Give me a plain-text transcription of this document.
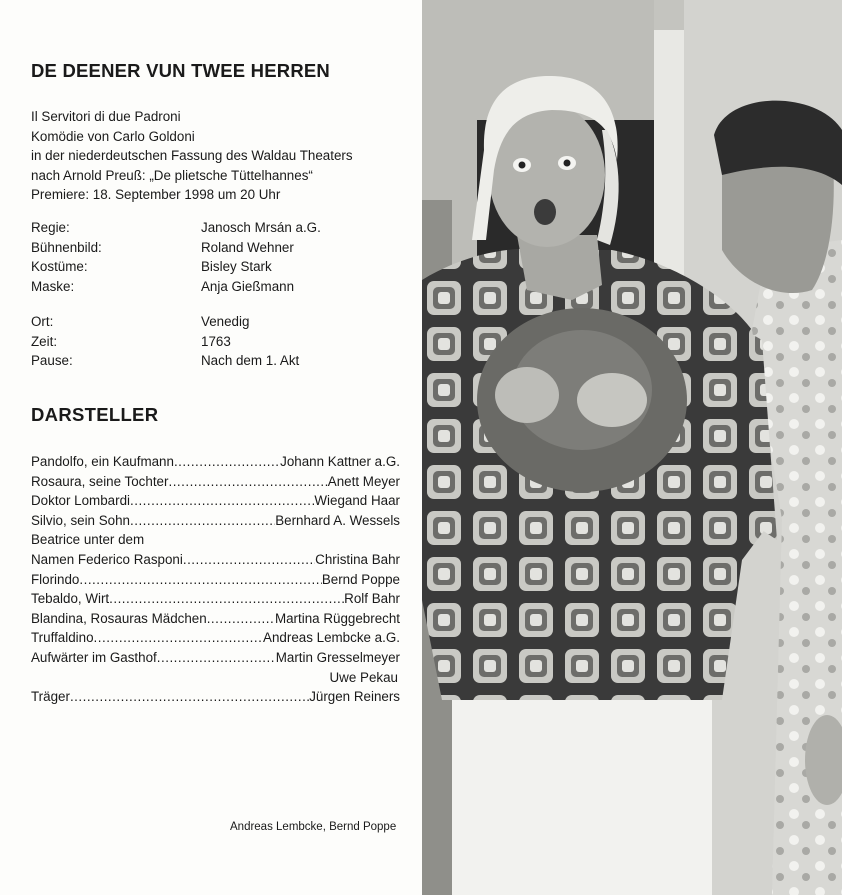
DE DEENER VUN TWEE HERREN
Il Servitori di due Padroni
Komödie von Carlo Goldoni
in der niederdeutschen Fassung des Waldau Theaters
nach Arnold Preuß: „De plietsche Tüttelhannes“
Premiere: 18. September 1998 um 20 Uhr
Regie:	Janosch Mrsán a.G.
Bühnenbild:	Roland Wehner
Kostüme:	Bisley Stark
Maske:	Anja Gießmann
Ort:	Venedig
Zeit:	1763
Pause:	Nach dem 1. Akt
DARSTELLER
Pandolfo, ein Kaufmann .....	Johann Kattner a.G.
Rosaura, seine Tochter .....	Anett Meyer
Doktor Lombardi .....	Wiegand Haar
Silvio, sein Sohn .....	Bernhard A. Wessels
Beatrice unter dem
Namen Federico Rasponi .....	Christina Bahr
Florindo .....	Bernd Poppe
Tebaldo, Wirt .....	Rolf Bahr
Blandina, Rosauras Mädchen .....	Martina Rüggebrecht
Truffaldino .....	Andreas Lembcke a.G.
Aufwärter im Gasthof .....	Martin Gresselmeyer
Uwe Pekau
Träger .....	Jürgen Reiners
Andreas Lembcke, Bernd Poppe
